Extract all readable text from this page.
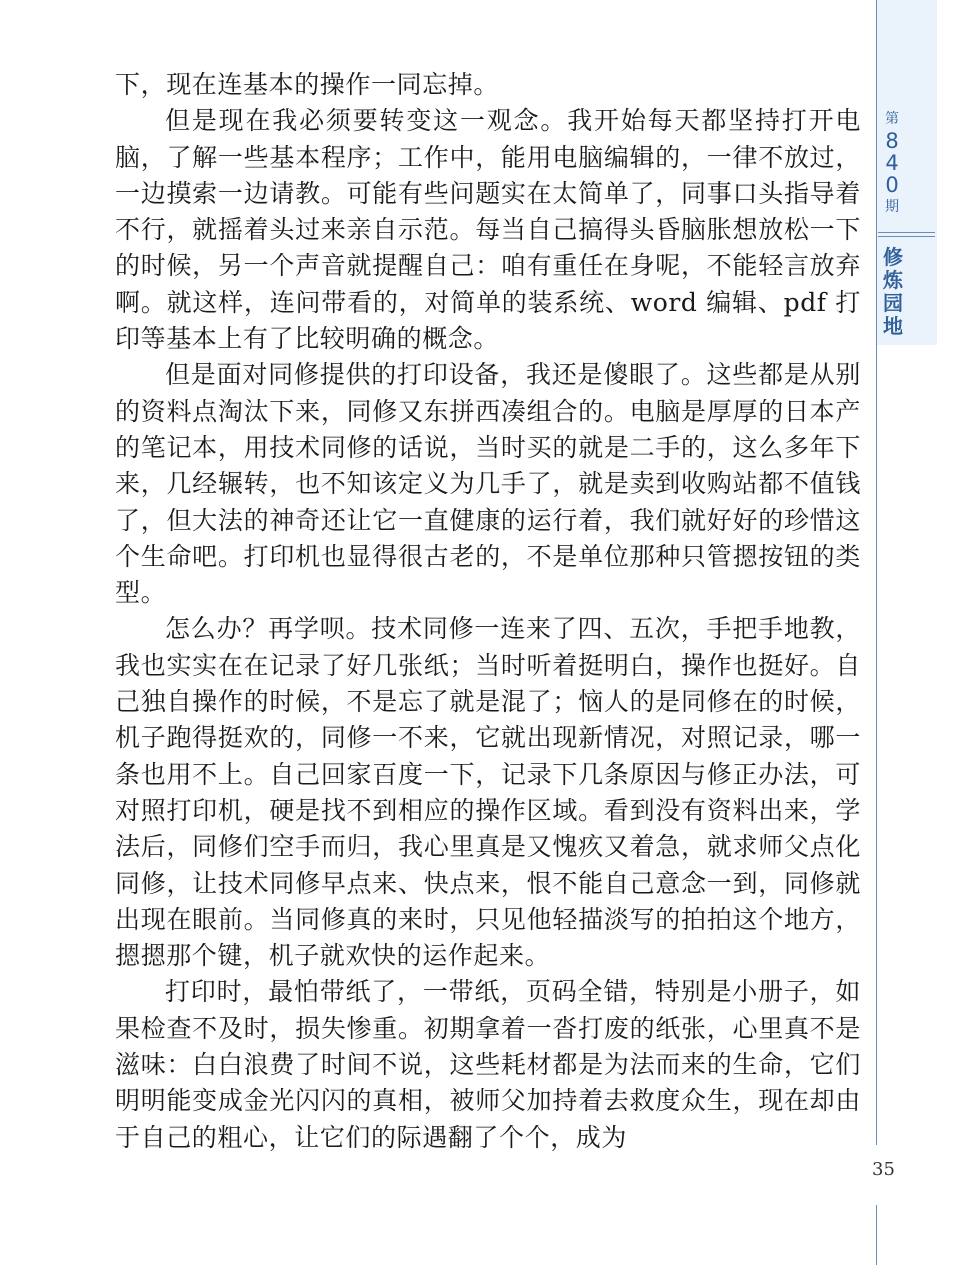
下，现在连基本的操作一同忘掉。

但是现在我必须要转变这一观念。我开始每天都坚持打开电脑，了解一些基本程序；工作中，能用电脑编辑的，一律不放过，一边摸索一边请教。可能有些问题实在太简单了，同事口头指导着不行，就摇着头过来亲自示范。每当自己搞得头昏脑胀想放松一下的时候，另一个声音就提醒自己：咱有重任在身呢，不能轻言放弃啊。就这样，连问带看的，对简单的装系统、word 编辑、pdf 打印等基本上有了比较明确的概念。

但是面对同修提供的打印设备，我还是傻眼了。这些都是从别的资料点淘汰下来，同修又东拼西凑组合的。电脑是厚厚的日本产的笔记本，用技术同修的话说，当时买的就是二手的，这么多年下来，几经辗转，也不知该定义为几手了，就是卖到收购站都不值钱了，但大法的神奇还让它一直健康的运行着，我们就好好的珍惜这个生命吧。打印机也显得很古老的，不是单位那种只管摁按钮的类型。

怎么办？再学呗。技术同修一连来了四、五次，手把手地教，我也实实在在记录了好几张纸；当时听着挺明白，操作也挺好。自己独自操作的时候，不是忘了就是混了；恼人的是同修在的时候，机子跑得挺欢的，同修一不来，它就出现新情况，对照记录，哪一条也用不上。自己回家百度一下，记录下几条原因与修正办法，可对照打印机，硬是找不到相应的操作区域。看到没有资料出来，学法后，同修们空手而归，我心里真是又愧疚又着急，就求师父点化同修，让技术同修早点来、快点来，恨不能自己意念一到，同修就出现在眼前。当同修真的来时，只见他轻描淡写的拍拍这个地方，摁摁那个键，机子就欢快的运作起来。

打印时，最怕带纸了，一带纸，页码全错，特别是小册子，如果检查不及时，损失惨重。初期拿着一沓打废的纸张，心里真不是滋味：白白浪费了时间不说，这些耗材都是为法而来的生命，它们明明能变成金光闪闪的真相，被师父加持着去救度众生，现在却由于自己的粗心，让它们的际遇翻了个个，成为

第
8
4
0
期
修
炼
园
地
35
